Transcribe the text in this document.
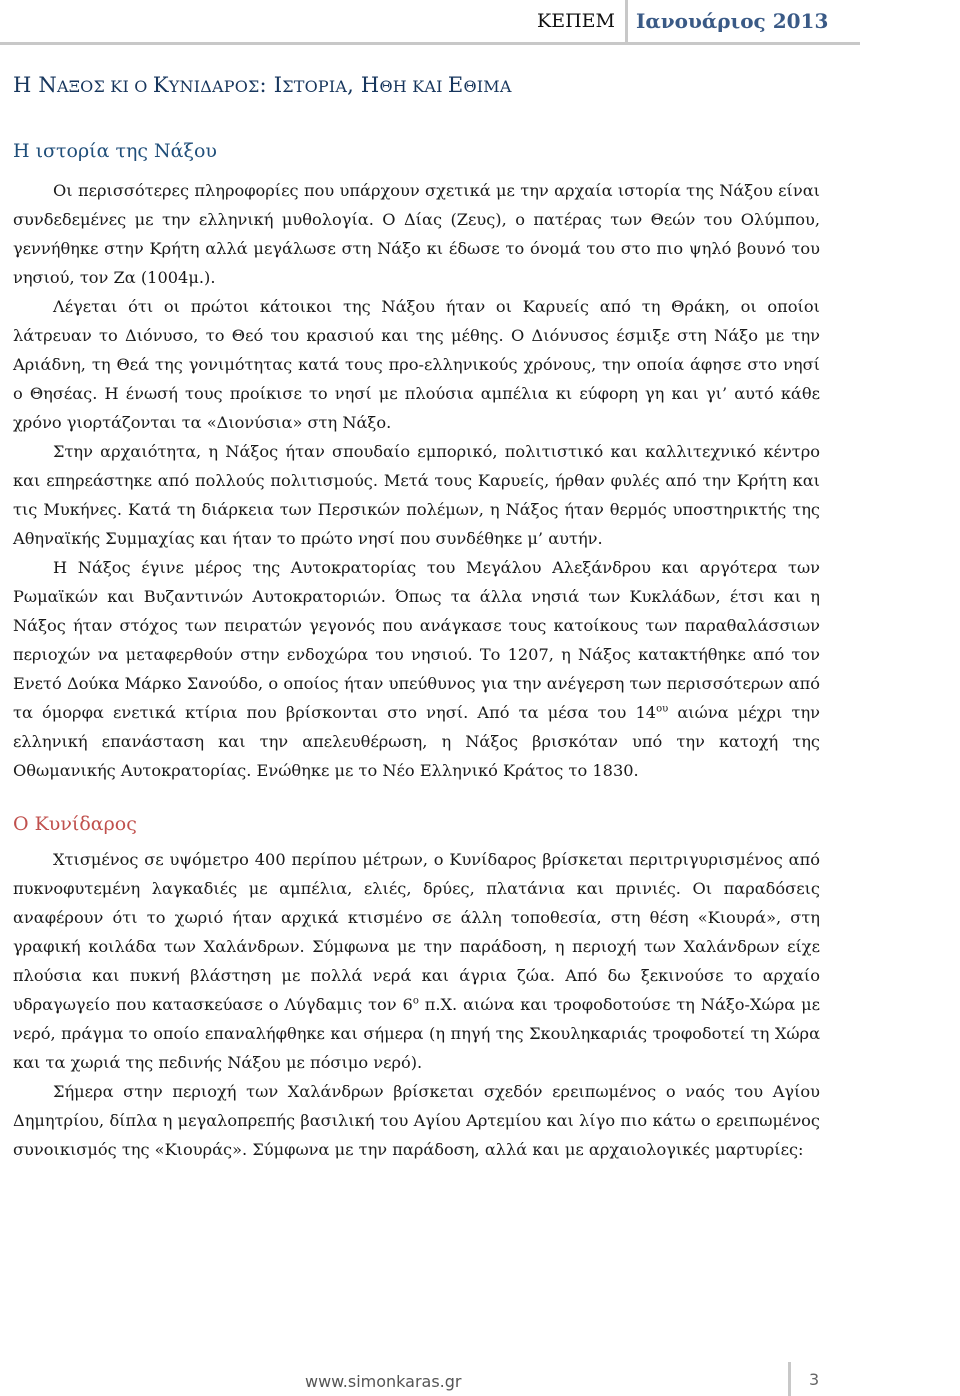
ΚΕΠΕΜ Ιανουάριος 2013
Η ΝΑΞΟΣ ΚΙ Ο ΚΥΝΙΔΑΡΟΣ: ΙΣΤΟΡΙΑ, ΗΘΗ ΚΑΙ ΕΘΙΜΑ
Η ιστορία της Νάξου

Οι περισσότερες πληροφορίες που υπάρχουν σχετικά με την αρχαία ιστορία της Νάξου είναι συνδεδεμένες με την ελληνική μυθολογία. Ο Δίας (Ζευς), ο πατέρας των Θεών του Ολύμπου, γεννήθηκε στην Κρήτη αλλά μεγάλωσε στη Νάξο κι έδωσε το όνομά του στο πιο ψηλό βουνό του νησιού, τον Ζα (1004μ.).

Λέγεται ότι οι πρώτοι κάτοικοι της Νάξου ήταν οι Καρυείς από τη Θράκη, οι οποίοι λάτρευαν το Διόνυσο, το Θεό του κρασιού και της μέθης. Ο Διόνυσος έσμιξε στη Νάξο με την Αριάδνη, τη Θεά της γονιμότητας κατά τους προ-ελληνικούς χρόνους, την οποία άφησε στο νησί ο Θησέας. Η ένωσή τους προίκισε το νησί με πλούσια αμπέλια κι εύφορη γη και γι’ αυτό κάθε χρόνο γιορτάζονται τα «Διονύσια» στη Νάξο.

Στην αρχαιότητα, η Νάξος ήταν σπουδαίο εμπορικό, πολιτιστικό και καλλιτεχνικό κέντρο και επηρεάστηκε από πολλούς πολιτισμούς. Μετά τους Καρυείς, ήρθαν φυλές από την Κρήτη και τις Μυκήνες. Κατά τη διάρκεια των Περσικών πολέμων, η Νάξος ήταν θερμός υποστηρικτής της Αθηναϊκής Συμμαχίας και ήταν το πρώτο νησί που συνδέθηκε μ’ αυτήν.

Η Νάξος έγινε μέρος της Αυτοκρατορίας του Μεγάλου Αλεξάνδρου και αργότερα των Ρωμαϊκών και Βυζαντινών Αυτοκρατοριών. Όπως τα άλλα νησιά των Κυκλάδων, έτσι και η Νάξος ήταν στόχος των πειρατών γεγονός που ανάγκασε τους κατοίκους των παραθαλάσσιων περιοχών να μεταφερθούν στην ενδοχώρα του νησιού. Το 1207, η Νάξος κατακτήθηκε από τον Ενετό Δούκα Μάρκο Σανούδο, ο οποίος ήταν υπεύθυνος για την ανέγερση των περισσότερων από τα όμορφα ενετικά κτίρια που βρίσκονται στο νησί. Από τα μέσα του $14^{o\upsilon}$ αιώνα μέχρι την ελληνική επανάσταση και την απελευθέρωση, η Νάξος βρισκόταν υπό την κατοχή της Οθωμανικής Αυτοκρατορίας. Ενώθηκε με το Νέο Ελληνικό Κράτος το 1830.

Ο Κυνίδαρος

Χτισμένος σε υψόμετρο 400 περίπου μέτρων, ο Κυνίδαρος βρίσκεται περιτριγυρισμένος από πυκνοφυτεμένη λαγκαδιές με αμπέλια, ελιές, δρύες, πλατάνια και πρινιές. Οι παραδόσεις αναφέρουν ότι το χωριό ήταν αρχικά κτισμένο σε άλλη τοποθεσία, στη θέση «Κιουρά», στη γραφική κοιλάδα των Χαλάνδρων. Σύμφωνα με την παράδοση, η περιοχή των Χαλάνδρων είχε πλούσια και πυκνή βλάστηση με πολλά νερά και άγρια ζώα. Από δω ξεκινούσε το αρχαίο υδραγωγείο που κατασκεύασε ο Λύγδαμις τον $6^o$ π.Χ. αιώνα και τροφοδοτούσε τη Νάξο-Χώρα με νερό, πράγμα το οποίο επαναλήφθηκε και σήμερα (η πηγή της Σκουληκαριάς τροφοδοτεί τη Χώρα και τα χωριά της πεδινής Νάξου με πόσιμο νερό).

Σήμερα στην περιοχή των Χαλάνδρων βρίσκεται σχεδόν ερειπωμένος ο ναός του Αγίου Δημητρίου, δίπλα η μεγαλοπρεπής βασιλική του Αγίου Αρτεμίου και λίγο πιο κάτω ο ερειπωμένος συνοικισμός της «Κιουράς». Σύμφωνα με την παράδοση, αλλά και με αρχαιολογικές μαρτυρίες:

www.simonkaras.gr	3
